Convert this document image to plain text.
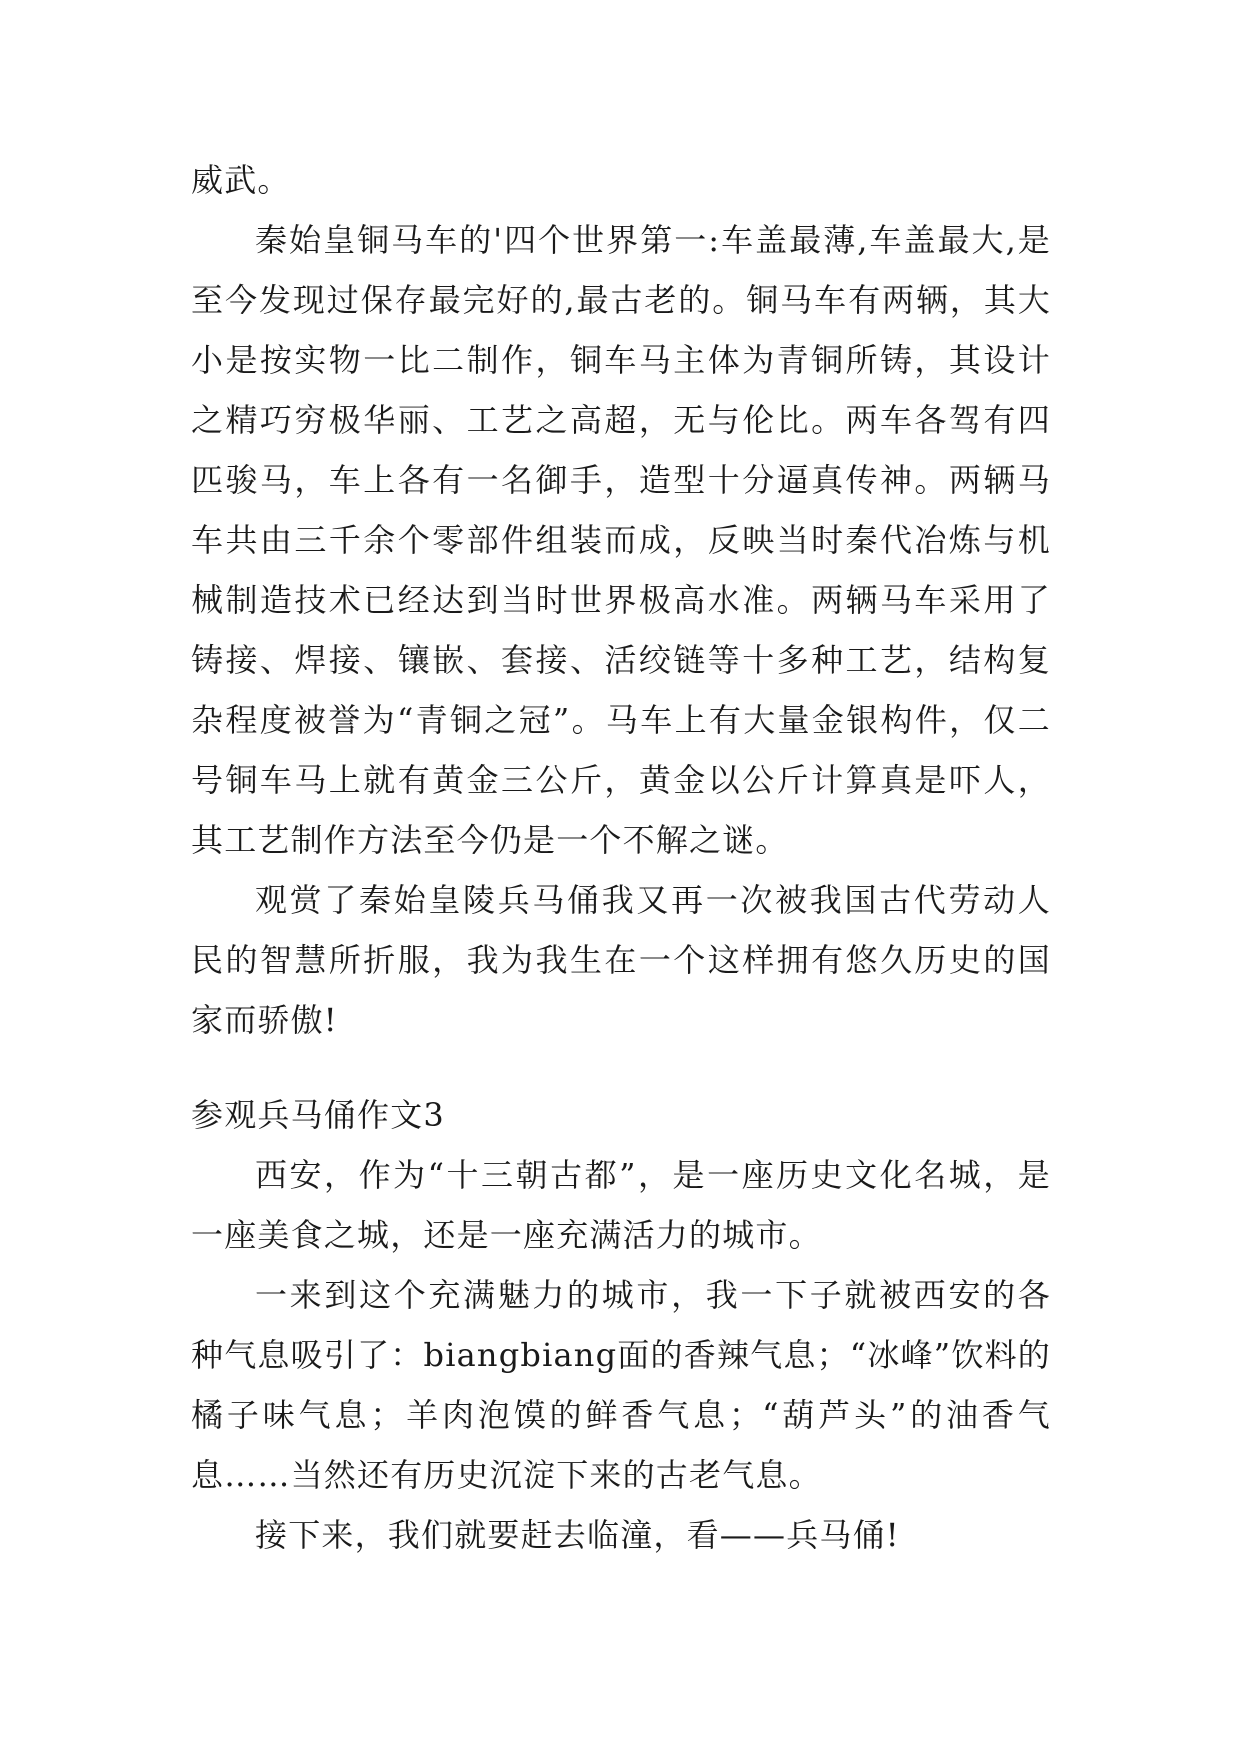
威武。

秦始皇铜马车的'四个世界第一:车盖最薄,车盖最大,是至今发现过保存最完好的,最古老的。铜马车有两辆，其大小是按实物一比二制作，铜车马主体为青铜所铸，其设计之精巧穷极华丽、工艺之高超，无与伦比。两车各驾有四匹骏马，车上各有一名御手，造型十分逼真传神。两辆马车共由三千余个零部件组装而成，反映当时秦代冶炼与机械制造技术已经达到当时世界极高水准。两辆马车采用了铸接、焊接、镶嵌、套接、活绞链等十多种工艺，结构复杂程度被誉为“青铜之冠”。马车上有大量金银构件，仅二号铜车马上就有黄金三公斤，黄金以公斤计算真是吓人，其工艺制作方法至今仍是一个不解之谜。

观赏了秦始皇陵兵马俑我又再一次被我国古代劳动人民的智慧所折服，我为我生在一个这样拥有悠久历史的国家而骄傲!

参观兵马俑作文3

西安，作为“十三朝古都”，是一座历史文化名城，是一座美食之城，还是一座充满活力的城市。

一来到这个充满魅力的城市，我一下子就被西安的各种气息吸引了：biangbiang面的香辣气息；“冰峰”饮料的橘子味气息；羊肉泡馍的鲜香气息；“葫芦头”的油香气息……当然还有历史沉淀下来的古老气息。

接下来，我们就要赶去临潼，看——兵马俑!
